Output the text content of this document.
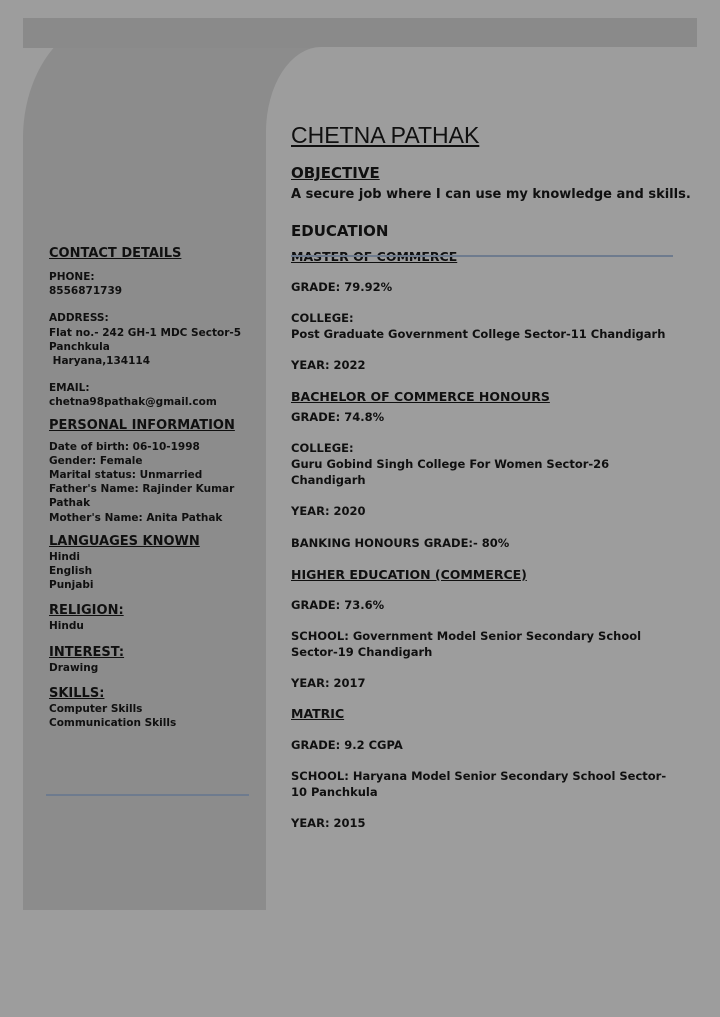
CONTACT DETAILS

PHONE:

8556871739

ADDRESS:

Flat no.- 242 GH-1 MDC Sector-5

Panchkula

Haryana,134114

EMAIL:

chetna98pathak@gmail.com

PERSONAL INFORMATION

Date of birth: 06-10-1998

Gender: Female

Marital status: Unmarried

Father's Name: Rajinder Kumar

Pathak

Mother's Name: Anita Pathak

LANGUAGES KNOWN

Hindi

English

Punjabi

RELIGION:

Hindu

INTEREST:

Drawing

SKILLS:

Computer Skills

Communication Skills

CHETNA PATHAK

OBJECTIVE

A secure job where I can use my knowledge and skills.

EDUCATION

GRADE: 79.92%

COLLEGE:

Post Graduate Government College Sector-11 Chandigarh

YEAR: 2022

BACHELOR OF COMMERCE HONOURS

GRADE: 74.8%

COLLEGE:

Guru Gobind Singh College For Women Sector-26

Chandigarh

YEAR: 2020

BANKING HONOURS GRADE:- 80%

HIGHER EDUCATION (COMMERCE)

GRADE: 73.6%

SCHOOL: Government Model Senior Secondary School

Sector-19 Chandigarh

YEAR: 2017

MATRIC

GRADE: 9.2 CGPA

SCHOOL: Haryana Model Senior Secondary School Sector-

10 Panchkula

YEAR: 2015
